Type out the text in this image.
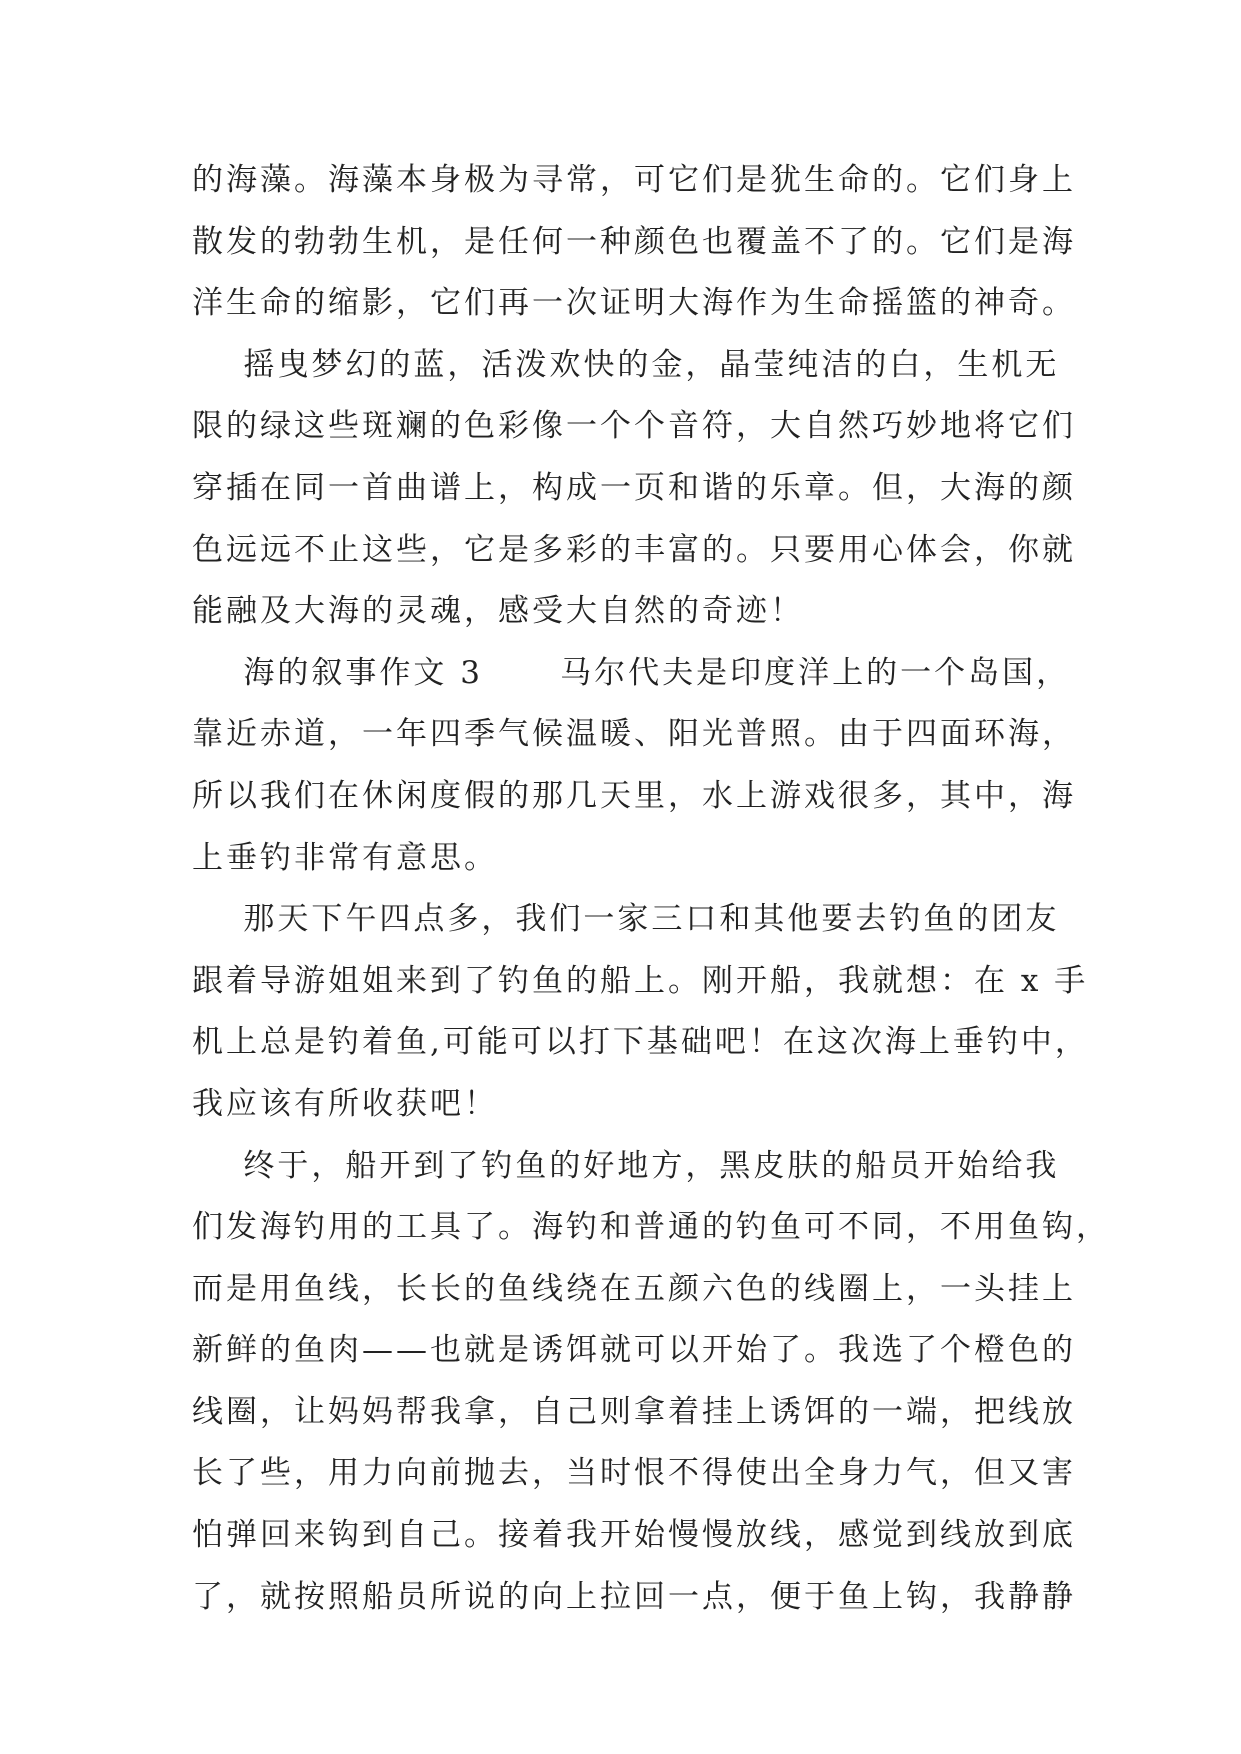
的海藻。海藻本身极为寻常，可它们是犹生命的。它们身上

散发的勃勃生机，是任何一种颜色也覆盖不了的。它们是海

洋生命的缩影，它们再一次证明大海作为生命摇篮的神奇。

摇曳梦幻的蓝，活泼欢快的金，晶莹纯洁的白，生机无

限的绿这些斑斓的色彩像一个个音符，大自然巧妙地将它们

穿插在同一首曲谱上，构成一页和谐的乐章。但，大海的颜

色远远不止这些，它是多彩的丰富的。只要用心体会，你就

能融及大海的灵魂，感受大自然的奇迹！

海的叙事作文 3      马尔代夫是印度洋上的一个岛国，

靠近赤道，一年四季气候温暖、阳光普照。由于四面环海，

所以我们在休闲度假的那几天里，水上游戏很多，其中，海

上垂钓非常有意思。

那天下午四点多，我们一家三口和其他要去钓鱼的团友

跟着导游姐姐来到了钓鱼的船上。刚开船，我就想：在 x 手

机上总是钓着鱼,可能可以打下基础吧！在这次海上垂钓中，

我应该有所收获吧！

终于，船开到了钓鱼的好地方，黑皮肤的船员开始给我

们发海钓用的工具了。海钓和普通的钓鱼可不同，不用鱼钩，

而是用鱼线，长长的鱼线绕在五颜六色的线圈上，一头挂上

新鲜的鱼肉——也就是诱饵就可以开始了。我选了个橙色的

线圈，让妈妈帮我拿，自己则拿着挂上诱饵的一端，把线放

长了些，用力向前抛去，当时恨不得使出全身力气，但又害

怕弹回来钩到自己。接着我开始慢慢放线，感觉到线放到底

了，就按照船员所说的向上拉回一点，便于鱼上钩，我静静
